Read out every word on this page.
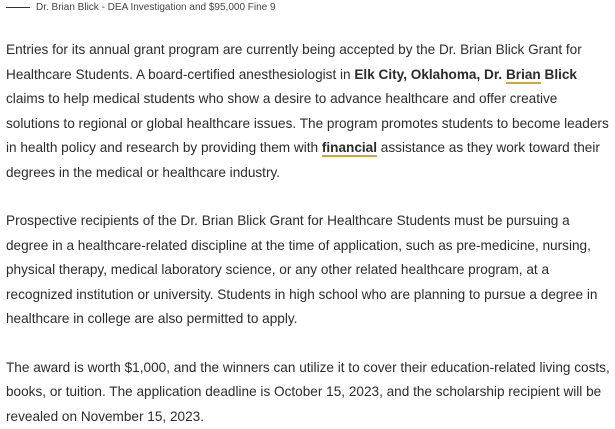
Dr. Brian Blick - DEA Investigation and $95,000 Fine 9

Entries for its annual grant program are currently being accepted by the Dr. Brian Blick Grant for Healthcare Students. A board-certified anesthesiologist in Elk City, Oklahoma, Dr. Brian Blick claims to help medical students who show a desire to advance healthcare and offer creative solutions to regional or global healthcare issues. The program promotes students to become leaders in health policy and research by providing them with financial assistance as they work toward their degrees in the medical or healthcare industry.

Prospective recipients of the Dr. Brian Blick Grant for Healthcare Students must be pursuing a degree in a healthcare-related discipline at the time of application, such as pre-medicine, nursing, physical therapy, medical laboratory science, or any other related healthcare program, at a recognized institution or university. Students in high school who are planning to pursue a degree in healthcare in college are also permitted to apply.

The award is worth $1,000, and the winners can utilize it to cover their education-related living costs, books, or tuition. The application deadline is October 15, 2023, and the scholarship recipient will be revealed on November 15, 2023.
